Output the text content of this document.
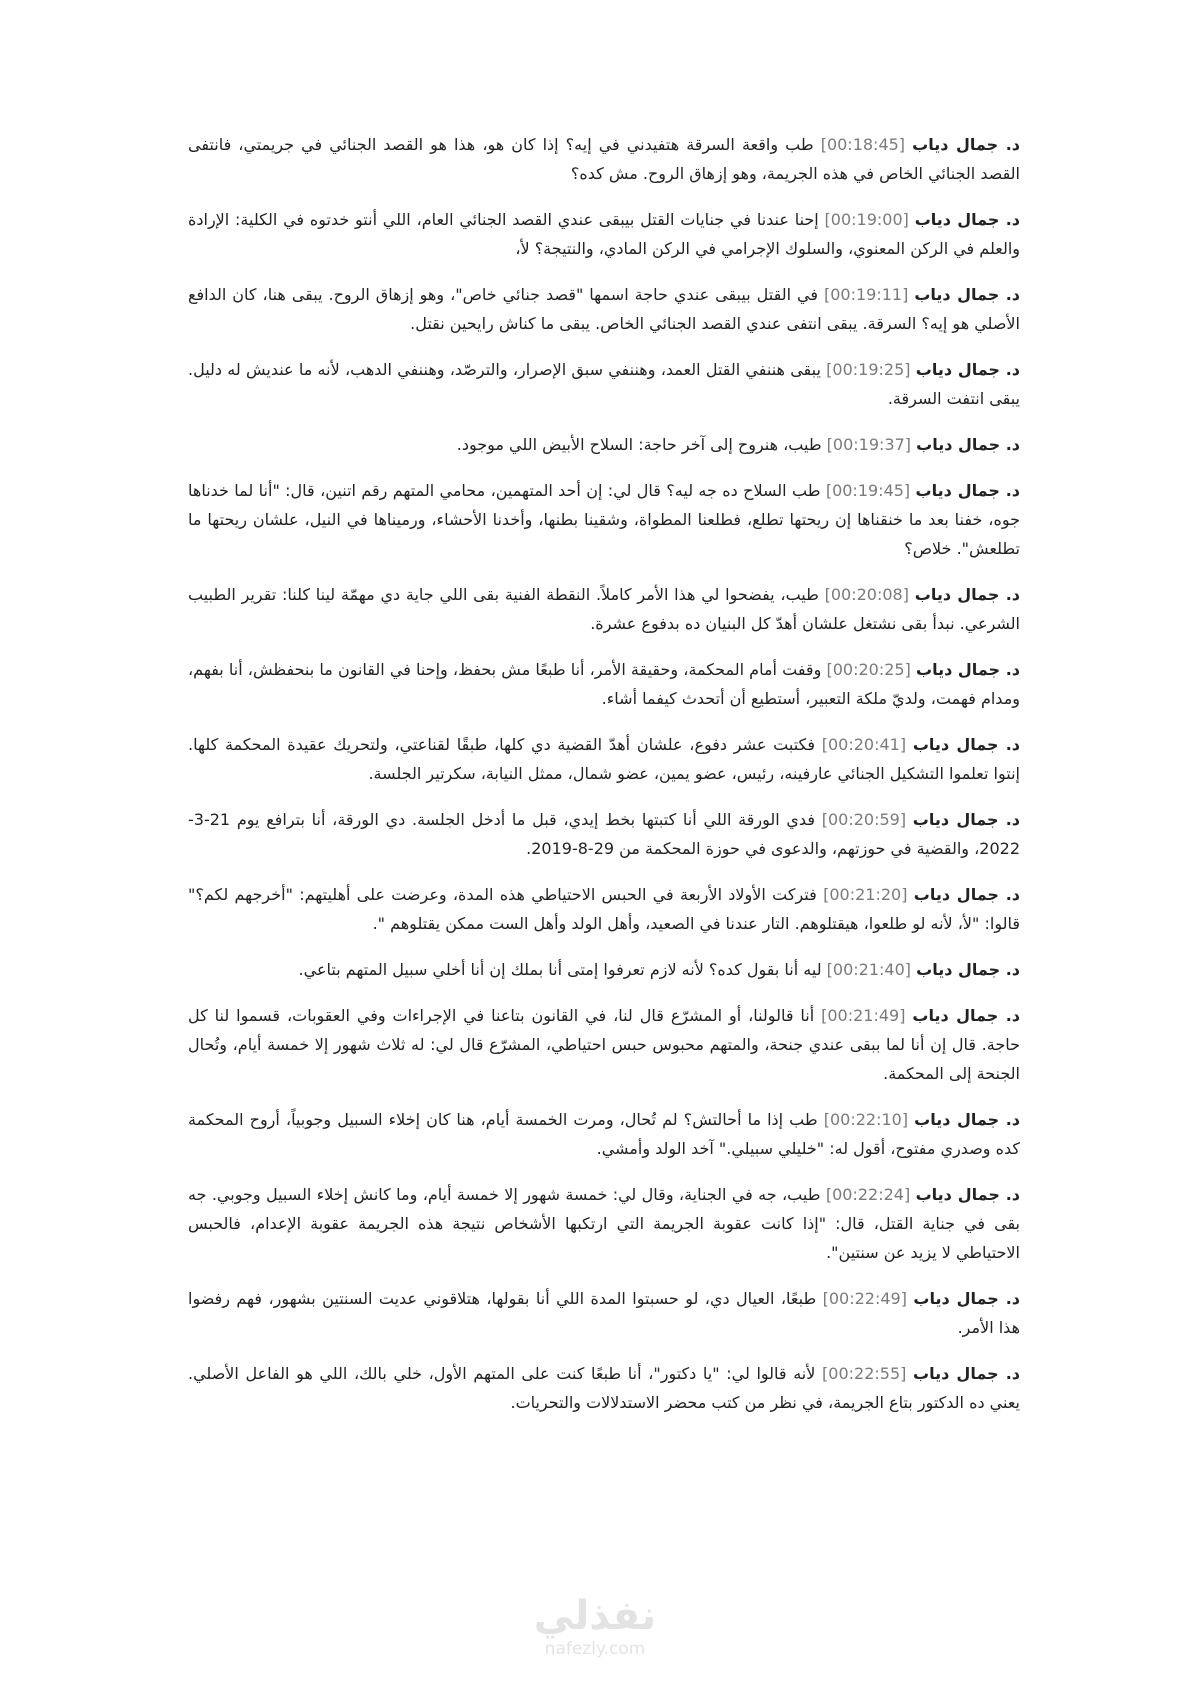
د. جمال دياب [00:18:45] طب واقعة السرقة هتفيدني في إيه؟ إذا كان هو، هذا هو القصد الجنائي في جريمتي، فانتفى القصد الجنائي الخاص في هذه الجريمة، وهو إزهاق الروح. مش كده؟

د. جمال دياب [00:19:00] إحنا عندنا في جنايات القتل بيبقى عندي القصد الجنائي العام، اللي أنتو خدتوه في الكلية: الإرادة والعلم في الركن المعنوي، والسلوك الإجرامي في الركن المادي، والنتيجة؟ لأ،

د. جمال دياب [00:19:11] في القتل بيبقى عندي حاجة اسمها "قصد جنائي خاص"، وهو إزهاق الروح. يبقى هنا، كان الدافع الأصلي هو إيه؟ السرقة. يبقى انتفى عندي القصد الجنائي الخاص. يبقى ما كناش رايحين نقتل.

د. جمال دياب [00:19:25] يبقى هننفي القتل العمد، وهننفي سبق الإصرار، والترصّد، وهننفي الدهب، لأنه ما عنديش له دليل. يبقى انتفت السرقة.

د. جمال دياب [00:19:37] طيب، هنروح إلى آخر حاجة: السلاح الأبيض اللي موجود.

د. جمال دياب [00:19:45] طب السلاح ده جه ليه؟ قال لي: إن أحد المتهمين، محامي المتهم رقم اتنين، قال: "أنا لما خدناها جوه، خفنا بعد ما خنقناها إن ريحتها تطلع، فطلعنا المطواة، وشقينا بطنها، وأخدنا الأحشاء، ورميناها في النيل، علشان ريحتها ما تطلعش". خلاص؟

د. جمال دياب [00:20:08] طيب، يفضحوا لي هذا الأمر كاملاً. النقطة الفنية بقى اللي جاية دي مهمّة لينا كلنا: تقرير الطبيب الشرعي. نبدأ بقى نشتغل علشان أهدّ كل البنيان ده بدفوع عشرة.

د. جمال دياب [00:20:25] وقفت أمام المحكمة، وحقيقة الأمر، أنا طبعًا مش بحفظ، وإحنا في القانون ما بنحفظش، أنا بفهم، ومدام فهمت، ولديّ ملكة التعبير، أستطيع أن أتحدث كيفما أشاء.

د. جمال دياب [00:20:41] فكتبت عشر دفوع، علشان أهدّ القضية دي كلها، طبقًا لقناعتي، ولتحريك عقيدة المحكمة كلها. إنتوا تعلموا التشكيل الجنائي عارفينه، رئيس، عضو يمين، عضو شمال، ممثل النيابة، سكرتير الجلسة.

د. جمال دياب [00:20:59] فدي الورقة اللي أنا كتبتها بخط إيدي، قبل ما أدخل الجلسة. دي الورقة، أنا بترافع يوم 21-3-2022، والقضية في حوزتهم، والدعوى في حوزة المحكمة من 29-8-2019.

د. جمال دياب [00:21:20] فتركت الأولاد الأربعة في الحبس الاحتياطي هذه المدة، وعرضت على أهليتهم: "أخرجهم لكم؟" قالوا: "لأ، لأنه لو طلعوا، هيقتلوهم. التار عندنا في الصعيد، وأهل الولد وأهل الست ممكن يقتلوهم ".

د. جمال دياب [00:21:40] ليه أنا بقول كده؟ لأنه لازم تعرفوا إمتى أنا بملك إن أنا أخلي سبيل المتهم بتاعي.

د. جمال دياب [00:21:49] أنا قالولنا، أو المشرّع قال لنا، في القانون بتاعنا في الإجراءات وفي العقوبات، قسموا لنا كل حاجة. قال إن أنا لما ببقى عندي جنحة، والمتهم محبوس حبس احتياطي، المشرّع قال لي: له ثلاث شهور إلا خمسة أيام، وتُحال الجنحة إلى المحكمة.

د. جمال دياب [00:22:10] طب إذا ما أحالتش؟ لم تُحال، ومرت الخمسة أيام، هنا كان إخلاء السبيل وجوبياً، أروح المحكمة كده وصدري مفتوح، أقول له: "خليلي سبيلي." آخد الولد وأمشي.

د. جمال دياب [00:22:24] طيب، جه في الجناية، وقال لي: خمسة شهور إلا خمسة أيام، وما كانش إخلاء السبيل وجوبي. جه بقى في جناية القتل، قال: "إذا كانت عقوبة الجريمة التي ارتكبها الأشخاص نتيجة هذه الجريمة عقوبة الإعدام، فالحبس الاحتياطي لا يزيد عن سنتين".

د. جمال دياب [00:22:49] طبعًا، العيال دي، لو حسبتوا المدة اللي أنا بقولها، هتلاقوني عديت السنتين بشهور، فهم رفضوا هذا الأمر.

د. جمال دياب [00:22:55] لأنه قالوا لي: "يا دكتور"، أنا طبعًا كنت على المتهم الأول، خلي بالك، اللي هو الفاعل الأصلي. يعني ده الدكتور بتاع الجريمة، في نظر من كتب محضر الاستدلالات والتحريات.

نفذلي
nafezly.com
